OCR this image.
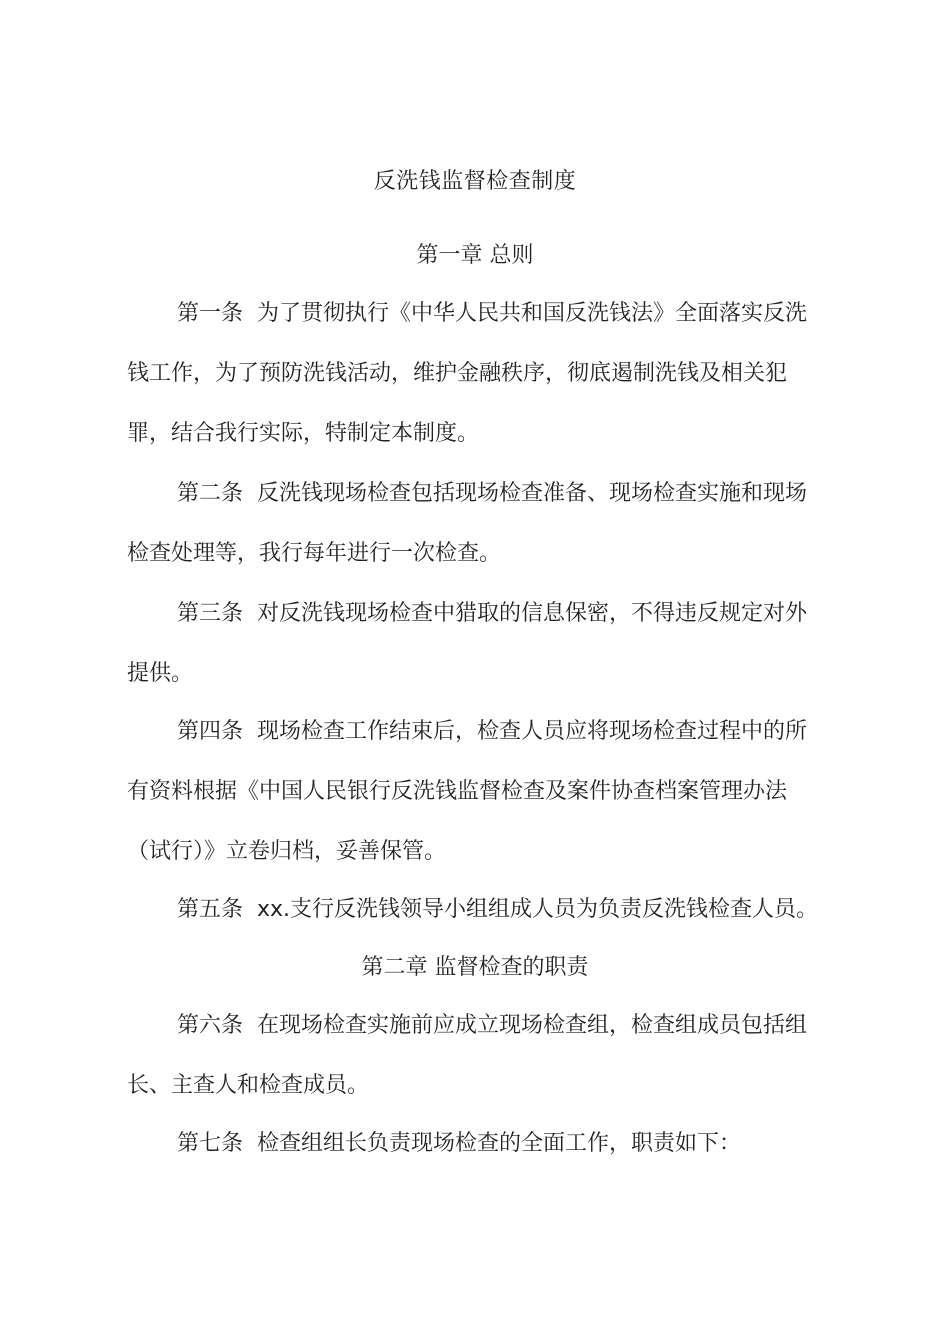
反洗钱监督检查制度
第一章 总则

第一条 为了贯彻执行《中华人民共和国反洗钱法》全面落实反洗钱工作，为了预防洗钱活动，维护金融秩序，彻底遏制洗钱及相关犯罪，结合我行实际，特制定本制度。

第二条 反洗钱现场检查包括现场检查准备、现场检查实施和现场检查处理等，我行每年进行一次检查。

第三条 对反洗钱现场检查中猎取的信息保密，不得违反规定对外提供。

第四条 现场检查工作结束后，检查人员应将现场检查过程中的所有资料根据《中国人民银行反洗钱监督检查及案件协查档案管理办法（试行）》立卷归档，妥善保管。

第五条 xx.支行反洗钱领导小组组成人员为负责反洗钱检查人员。

第二章 监督检查的职责

第六条 在现场检查实施前应成立现场检查组，检查组成员包括组长、主查人和检查成员。

第七条 检查组组长负责现场检查的全面工作，职责如下：
